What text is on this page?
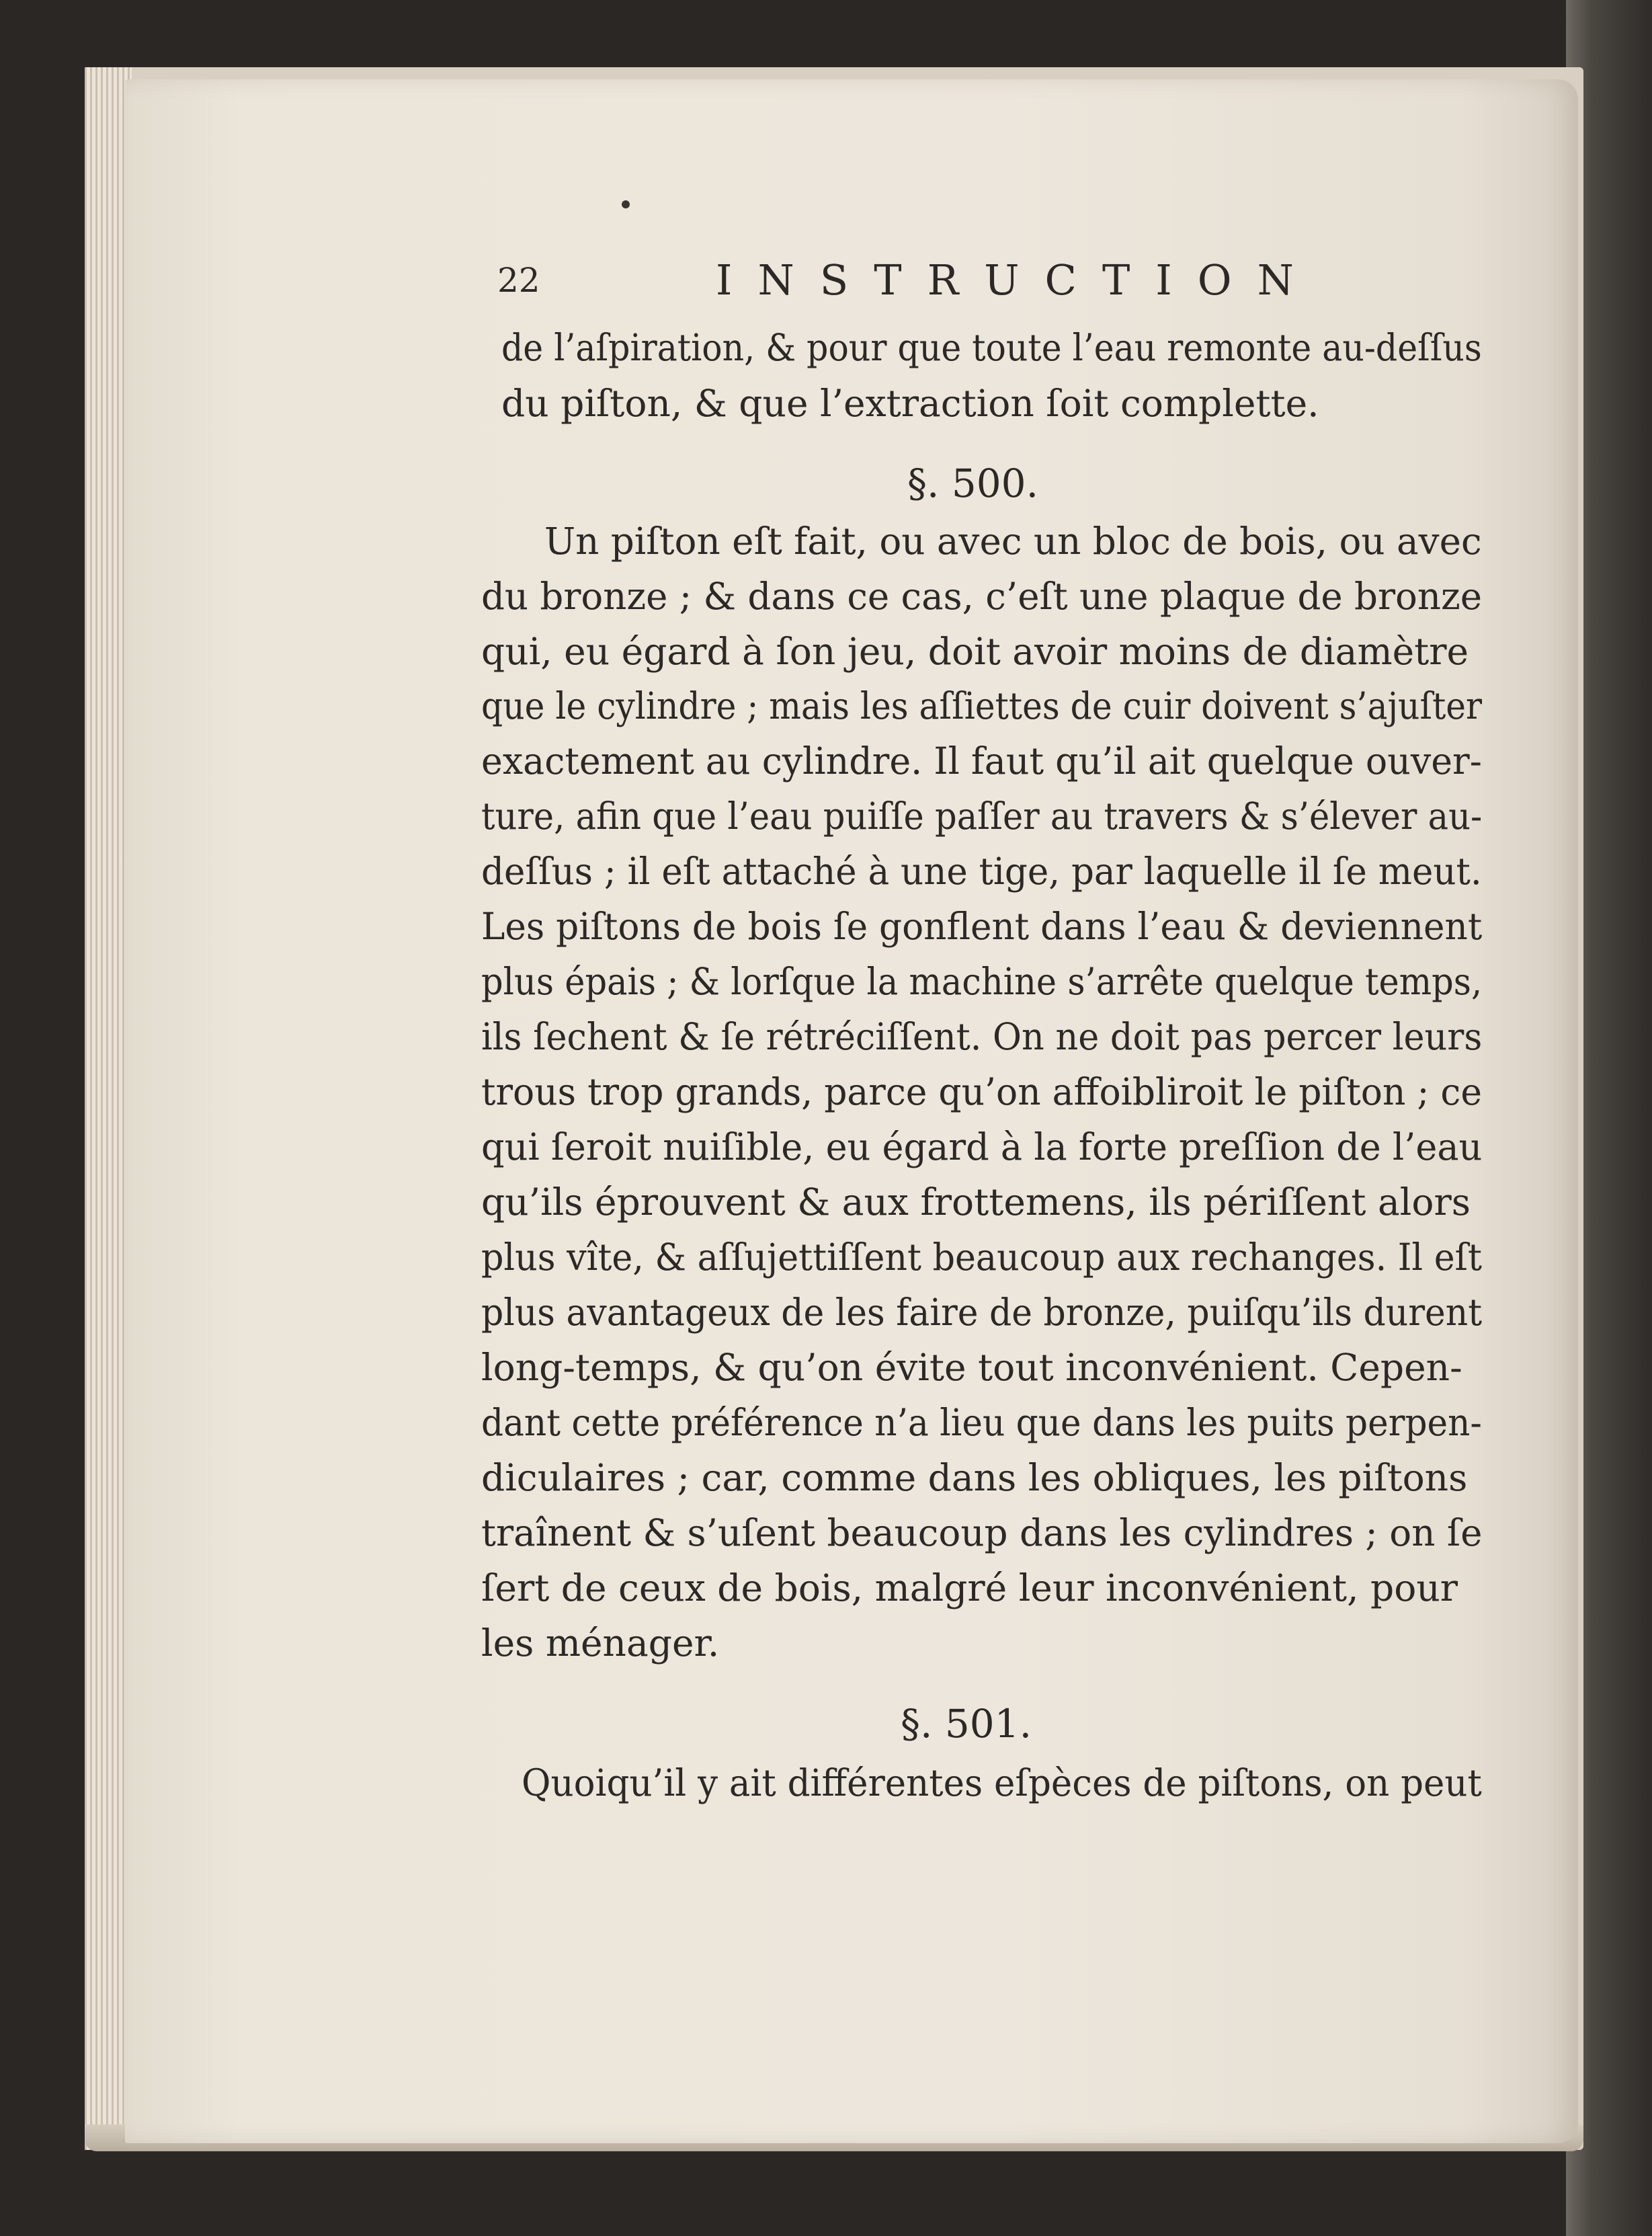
22	INSTRUCTION
de l’aſpiration, & pour que toute l’eau remonte au-deſſus
du piſton, & que l’extraction ſoit complette.
§. 500.
Un piſton eſt fait, ou avec un bloc de bois, ou avec
du bronze ; & dans ce cas, c’eſt une plaque de bronze
qui, eu égard à ſon jeu, doit avoir moins de diamètre
que le cylindre ; mais les aſſiettes de cuir doivent s’ajuſter
exactement au cylindre. Il faut qu’il ait quelque ouver-
ture, afin que l’eau puiſſe paſſer au travers & s’élever au-
deſſus ; il eſt attaché à une tige, par laquelle il ſe meut.
Les piſtons de bois ſe gonflent dans l’eau & deviennent
plus épais ; & lorſque la machine s’arrête quelque temps,
ils ſechent & ſe rétréciſſent. On ne doit pas percer leurs
trous trop grands, parce qu’on affoibliroit le piſton ; ce
qui ſeroit nuiſible, eu égard à la forte preſſion de l’eau
qu’ils éprouvent & aux frottemens, ils périſſent alors
plus vîte, & aſſujettiſſent beaucoup aux rechanges. Il eſt
plus avantageux de les faire de bronze, puiſqu’ils durent
long-temps, & qu’on évite tout inconvénient. Cepen-
dant cette préférence n’a lieu que dans les puits perpen-
diculaires ; car, comme dans les obliques, les piſtons
traînent & s’uſent beaucoup dans les cylindres ; on ſe
ſert de ceux de bois, malgré leur inconvénient, pour
les ménager.
§. 501.
Quoiqu’il y ait différentes eſpèces de piſtons, on peut
